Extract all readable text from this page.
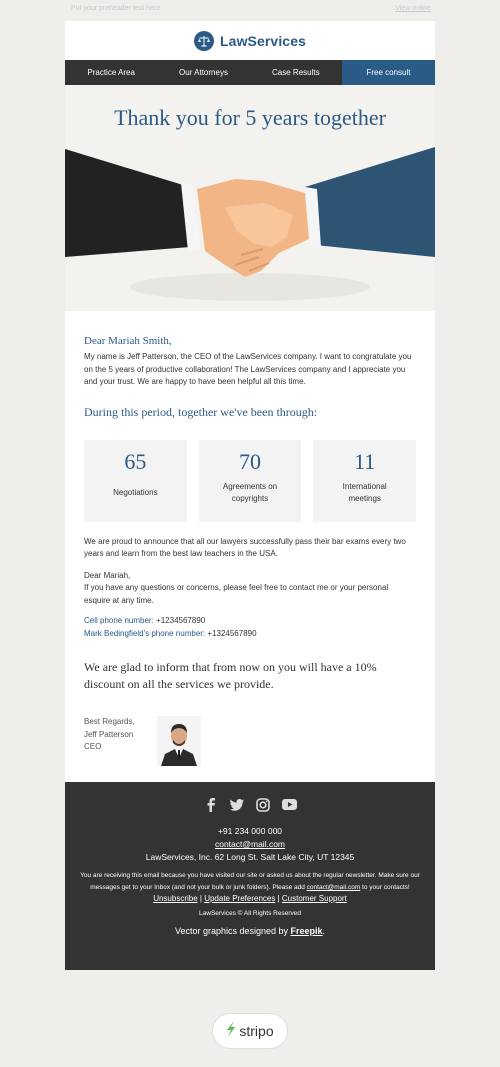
Put your preheader text here	View online
LawServices
Practice Area	Our Attorneys	Case Results	Free consult
Thank you for 5 years together
Dear Mariah Smith,
My name is Jeff Patterson, the CEO of the LawServices company. I want to congratulate you on the 5 years of productive collaboration! The LawServices company and I appreciate you and your trust. We are happy to have been helpful all this time.
During this period, together we've been through:
65
Negotiations
70
Agreements on copyrights
11
International meetings
We are proud to announce that all our lawyers successfully pass their bar exams every two years and learn from the best law teachers in the USA.
Dear Mariah,
If you have any questions or concerns, please feel free to contact me or your personal esquire at any time.
Cell phone number: +1234567890
Mark Bedingfield's phone number: +1324567890
We are glad to inform that from now on you will have a 10% discount on all the services we provide.
Best Regards,
Jeff Patterson
CEO
+91 234 000 000
contact@mail.com
LawServices, Inc. 62 Long St. Salt Lake City, UT 12345
You are receiving this email because you have visited our site or asked us about the regular newsletter. Make sure our messages get to your Inbox (and not your bulk or junk folders). Please add contact@mail.com to your contacts!
Unsubscribe | Update Preferences | Customer Support
LawServices © All Rights Reserved
Vector graphics designed by Freepik.
stripo
